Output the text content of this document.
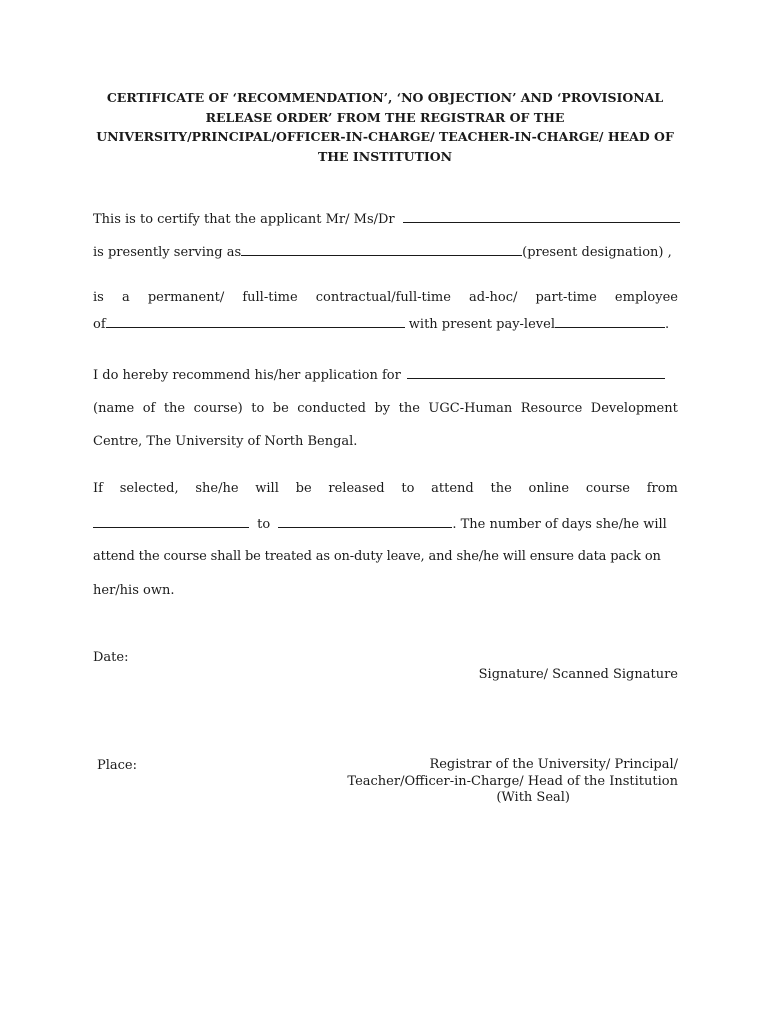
CERTIFICATE OF ‘RECOMMENDATION’, ‘NO OBJECTION’ AND ‘PROVISIONAL
RELEASE ORDER’ FROM THE REGISTRAR OF THE
UNIVERSITY/PRINCIPAL/OFFICER-IN-CHARGE/ TEACHER-IN-CHARGE/ HEAD OF
THE INSTITUTION
This is to certify that the applicant Mr/ Ms/Dr
is presently serving as	(present designation) ,
is a permanent/ full-time contractual/full-time ad-hoc/ part-time employee
of	with present pay-level	.
I do hereby recommend his/her application for
(name of the course) to be conducted by the UGC-Human Resource Development
Centre, The University of North Bengal.
If selected, she/he will be released to attend the online course from
to	. The number of days she/he will
attend the course shall be treated as on-duty leave, and she/he will ensure data pack on
her/his own.
Date:
Signature/ Scanned Signature
Place:	Registrar of the University/ Principal/
Teacher/Officer-in-Charge/ Head of the Institution
(With Seal)
